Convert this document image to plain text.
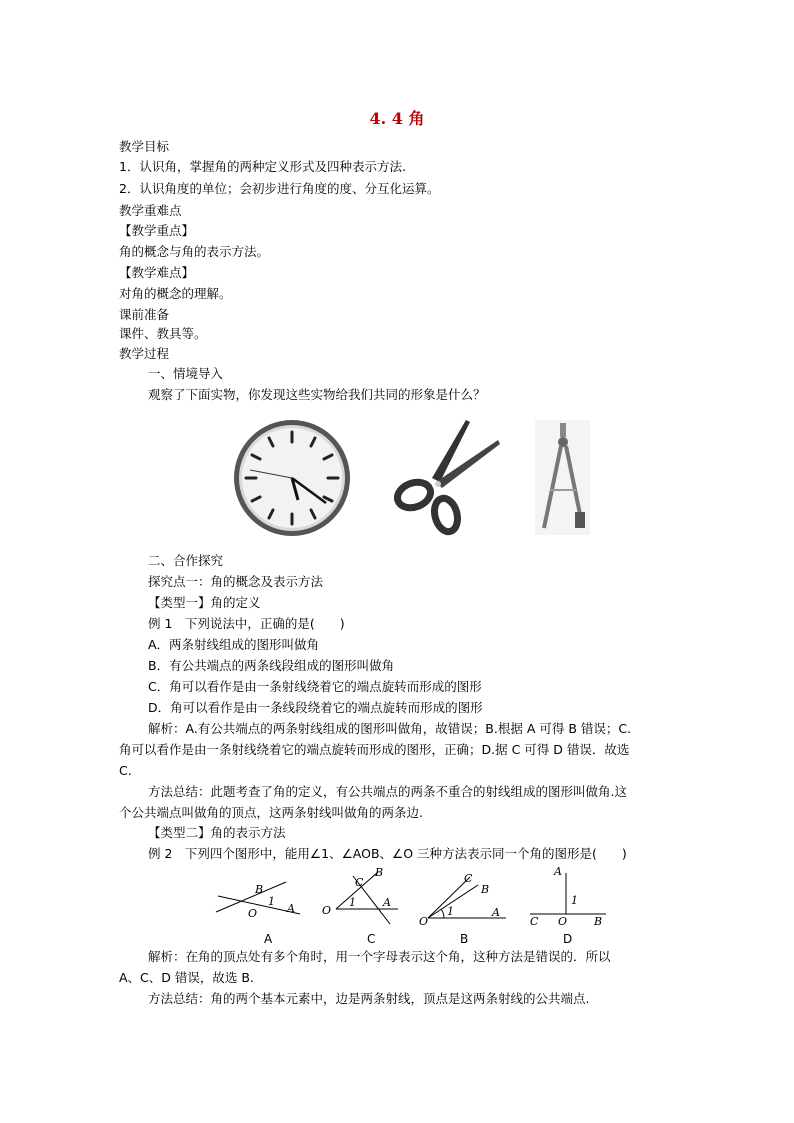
4. 4 角
教学目标
1．认识角，掌握角的两种定义形式及四种表示方法.
2．认识角度的单位；会初步进行角度的度、分互化运算。
教学重难点
【教学重点】
角的概念与角的表示方法。
【教学难点】
对角的概念的理解。
课前准备
课件、教具等。
教学过程
一、情境导入
观察了下面实物，你发现这些实物给我们共同的形象是什么？
二、合作探究
探究点一：角的概念及表示方法
【类型一】角的定义
例 1　下列说法中，正确的是(　　)
A．两条射线组成的图形叫做角
B．有公共端点的两条线段组成的图形叫做角
C．角可以看作是由一条射线绕着它的端点旋转而形成的图形
D．角可以看作是由一条线段绕着它的端点旋转而形成的图形
解析：A.有公共端点的两条射线组成的图形叫做角，故错误；B.根据 A 可得 B 错误；C.
角可以看作是由一条射线绕着它的端点旋转而形成的图形，正确；D.据 C 可得 D 错误．故选
C.
方法总结：此题考查了角的定义，有公共端点的两条不重合的射线组成的图形叫做角.这
个公共端点叫做角的顶点，这两条射线叫做角的两条边.
【类型二】角的表示方法
例 2　下列四个图形中，能用∠1、∠AOB、∠O 三种方法表示同一个角的图形是(　　)
B
1
O	A
C
B
O
1 A
C
B
O
1	A
A
1
C O B
A	C	B	D
解析：在角的顶点处有多个角时，用一个字母表示这个角，这种方法是错误的．所以
A、C、D 错误，故选 B.
方法总结：角的两个基本元素中，边是两条射线，顶点是这两条射线的公共端点.
